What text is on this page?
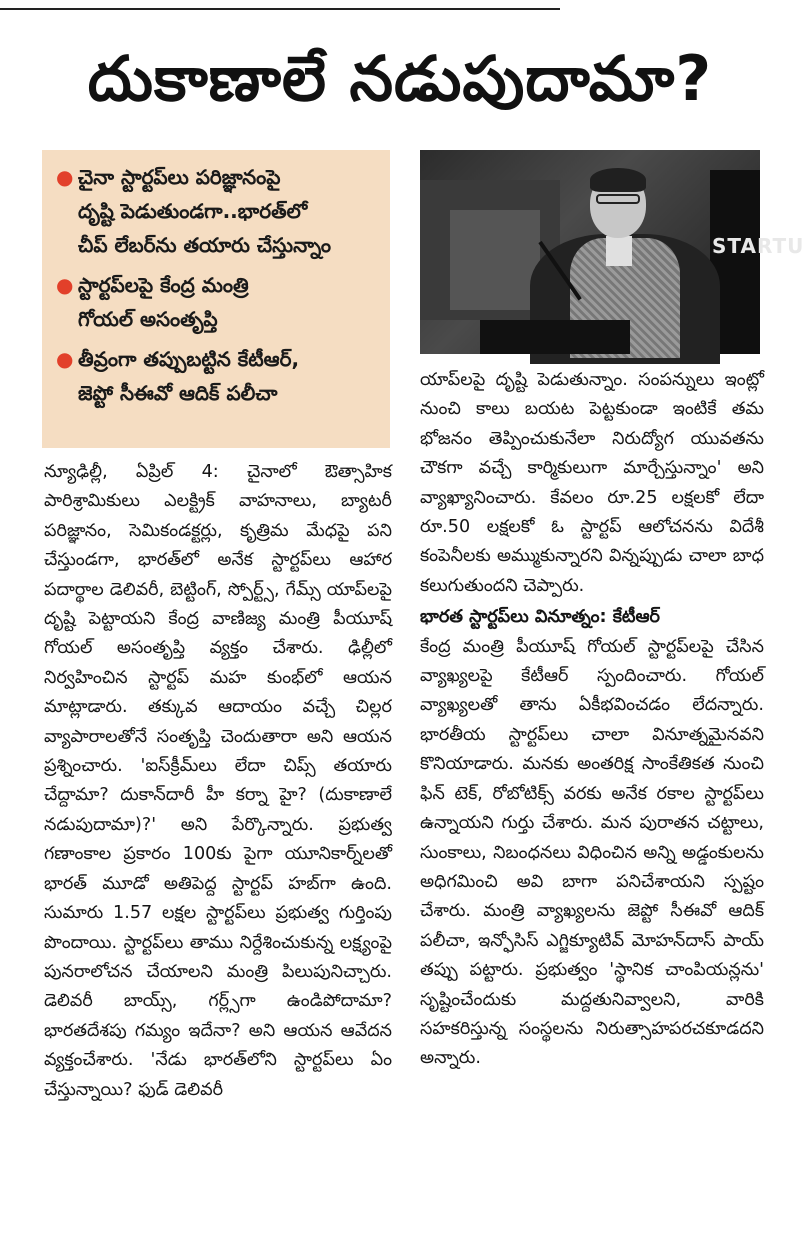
దుకాణాలే నడుపుదామా?
● చైనా స్టార్టప్‌లు పరిజ్ఞానంపై
దృష్టి పెడుతుండగా..భారత్‌లో
చీప్ లేబర్‌ను తయారు చేస్తున్నాం
● స్టార్టప్‌లపై కేంద్ర మంత్రి
గోయల్ అసంతృప్తి
● తీవ్రంగా తప్పుబట్టిన కేటీఆర్,
జెప్టో సీఈవో ఆదిక్ పలీచా
STARTU

న్యూఢిల్లీ, ఏప్రిల్ 4: చైనాలో ఔత్సాహిక పారిశ్రామికులు ఎలక్ట్రిక్ వాహనాలు, బ్యాటరీ పరిజ్ఞానం, సెమికండక్టర్లు, కృత్రిమ మేధపై పని చేస్తుండగా, భారత్‌లో అనేక స్టార్టప్‌లు ఆహార పదార్థాల డెలివరీ, బెట్టింగ్, స్పోర్ట్స్, గేమ్స్ యాప్‌లపై దృష్టి పెట్టాయని కేంద్ర వాణిజ్య మంత్రి పీయూష్ గోయల్ అసంతృప్తి వ్యక్తం చేశారు. ఢిల్లీలో నిర్వహించిన స్టార్టప్ మహ కుంభ్‌లో ఆయన మాట్లాడారు. తక్కువ ఆదాయం వచ్చే చిల్లర వ్యాపారాలతోనే సంతృప్తి చెందుతారా అని ఆయన ప్రశ్నించారు. 'ఐస్‌క్రీమ్‌లు లేదా చిప్స్ తయారు చేద్దామా? దుకాన్‌దారీ హీ కర్నా హై? (దుకాణాలే నడుపుదామా)?' అని పేర్కొన్నారు. ప్రభుత్వ గణాంకాల ప్రకారం 100కు పైగా యూనికార్న్‌లతో భారత్ మూడో అతిపెద్ద స్టార్టప్ హబ్‌గా ఉంది. సుమారు 1.57 లక్షల స్టార్టప్‌లు ప్రభుత్వ గుర్తింపు పొందాయి. స్టార్టప్‌లు తాము నిర్దేశించుకున్న లక్ష్యంపై పునరాలోచన చేయాలని మంత్రి పిలుపునిచ్చారు. డెలివరీ బాయ్స్, గర్ల్స్‌గా ఉండిపోదామా? భారతదేశపు గమ్యం ఇదేనా? అని ఆయన ఆవేదన వ్యక్తంచేశారు. 'నేడు భారత్‌లోని స్టార్టప్‌లు ఏం చేస్తున్నాయి? ఫుడ్ డెలివరీ

యాప్‌లపై దృష్టి పెడుతున్నాం. సంపన్నులు ఇంట్లో నుంచి కాలు బయట పెట్టకుండా ఇంటికే తమ భోజనం తెప్పించుకునేలా నిరుద్యోగ యువతను చౌకగా వచ్చే కార్మికులుగా మార్చేస్తున్నాం' అని వ్యాఖ్యానించారు. కేవలం రూ.25 లక్షలకో లేదా రూ.50 లక్షలకో ఓ స్టార్టప్ ఆలోచనను విదేశీ కంపెనీలకు అమ్ముకున్నారని విన్నప్పుడు చాలా బాధ కలుగుతుందని చెప్పారు.

భారత స్టార్టప్‌లు వినూత్నం: కేటీఆర్

కేంద్ర మంత్రి పీయూష్ గోయల్ స్టార్టప్‌లపై చేసిన వ్యాఖ్యలపై కేటీఆర్ స్పందించారు. గోయల్ వ్యాఖ్యలతో తాను ఏకీభవించడం లేదన్నారు. భారతీయ స్టార్టప్‌లు చాలా వినూత్నమైనవని కొనియాడారు. మనకు అంతరిక్ష సాంకేతికత నుంచి ఫిన్ టెక్, రోబోటిక్స్ వరకు అనేక రకాల స్టార్టప్‌లు ఉన్నాయని గుర్తు చేశారు. మన పురాతన చట్టాలు, సుంకాలు, నిబంధనలు విధించిన అన్ని అడ్డంకులను అధిగమించి అవి బాగా పనిచేశాయని స్పష్టం చేశారు. మంత్రి వ్యాఖ్యలను జెప్టో సీఈవో ఆదిక్ పలీచా, ఇన్ఫోసిస్ ఎగ్జిక్యూటివ్ మోహన్‌దాస్ పాయ్ తప్పు పట్టారు. ప్రభుత్వం 'స్థానిక చాంపియన్లను' సృష్టించేందుకు మద్దతునివ్వాలని, వారికి సహకరిస్తున్న సంస్థలను నిరుత్సాహపరచకూడదని అన్నారు.
